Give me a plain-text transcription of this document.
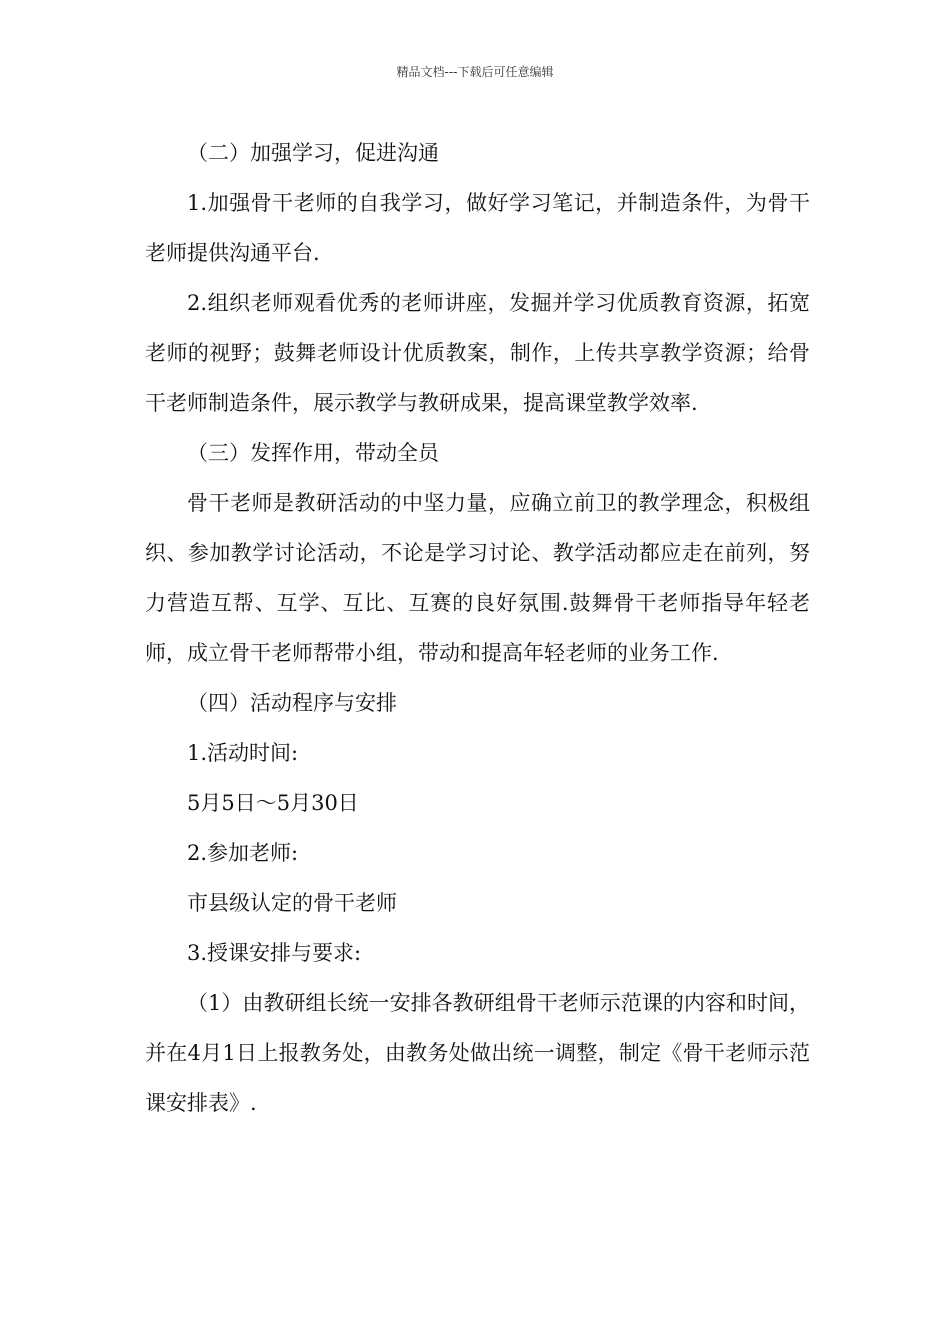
精品文档---下载后可任意编辑

（二）加强学习，促进沟通

1.加强骨干老师的自我学习，做好学习笔记，并制造条件，为骨干老师提供沟通平台.

2.组织老师观看优秀的老师讲座，发掘并学习优质教育资源，拓宽老师的视野；鼓舞老师设计优质教案，制作，上传共享教学资源；给骨干老师制造条件，展示教学与教研成果，提高课堂教学效率.

（三）发挥作用，带动全员

骨干老师是教研活动的中坚力量，应确立前卫的教学理念，积极组织、参加教学讨论活动，不论是学习讨论、教学活动都应走在前列，努力营造互帮、互学、互比、互赛的良好氛围.鼓舞骨干老师指导年轻老师，成立骨干老师帮带小组，带动和提高年轻老师的业务工作.

（四）活动程序与安排

1.活动时间:

5月5日～5月30日

2.参加老师:

市县级认定的骨干老师

3.授课安排与要求:

（1）由教研组长统一安排各教研组骨干老师示范课的内容和时间，并在4月1日上报教务处，由教务处做出统一调整，制定《骨干老师示范课安排表》.
